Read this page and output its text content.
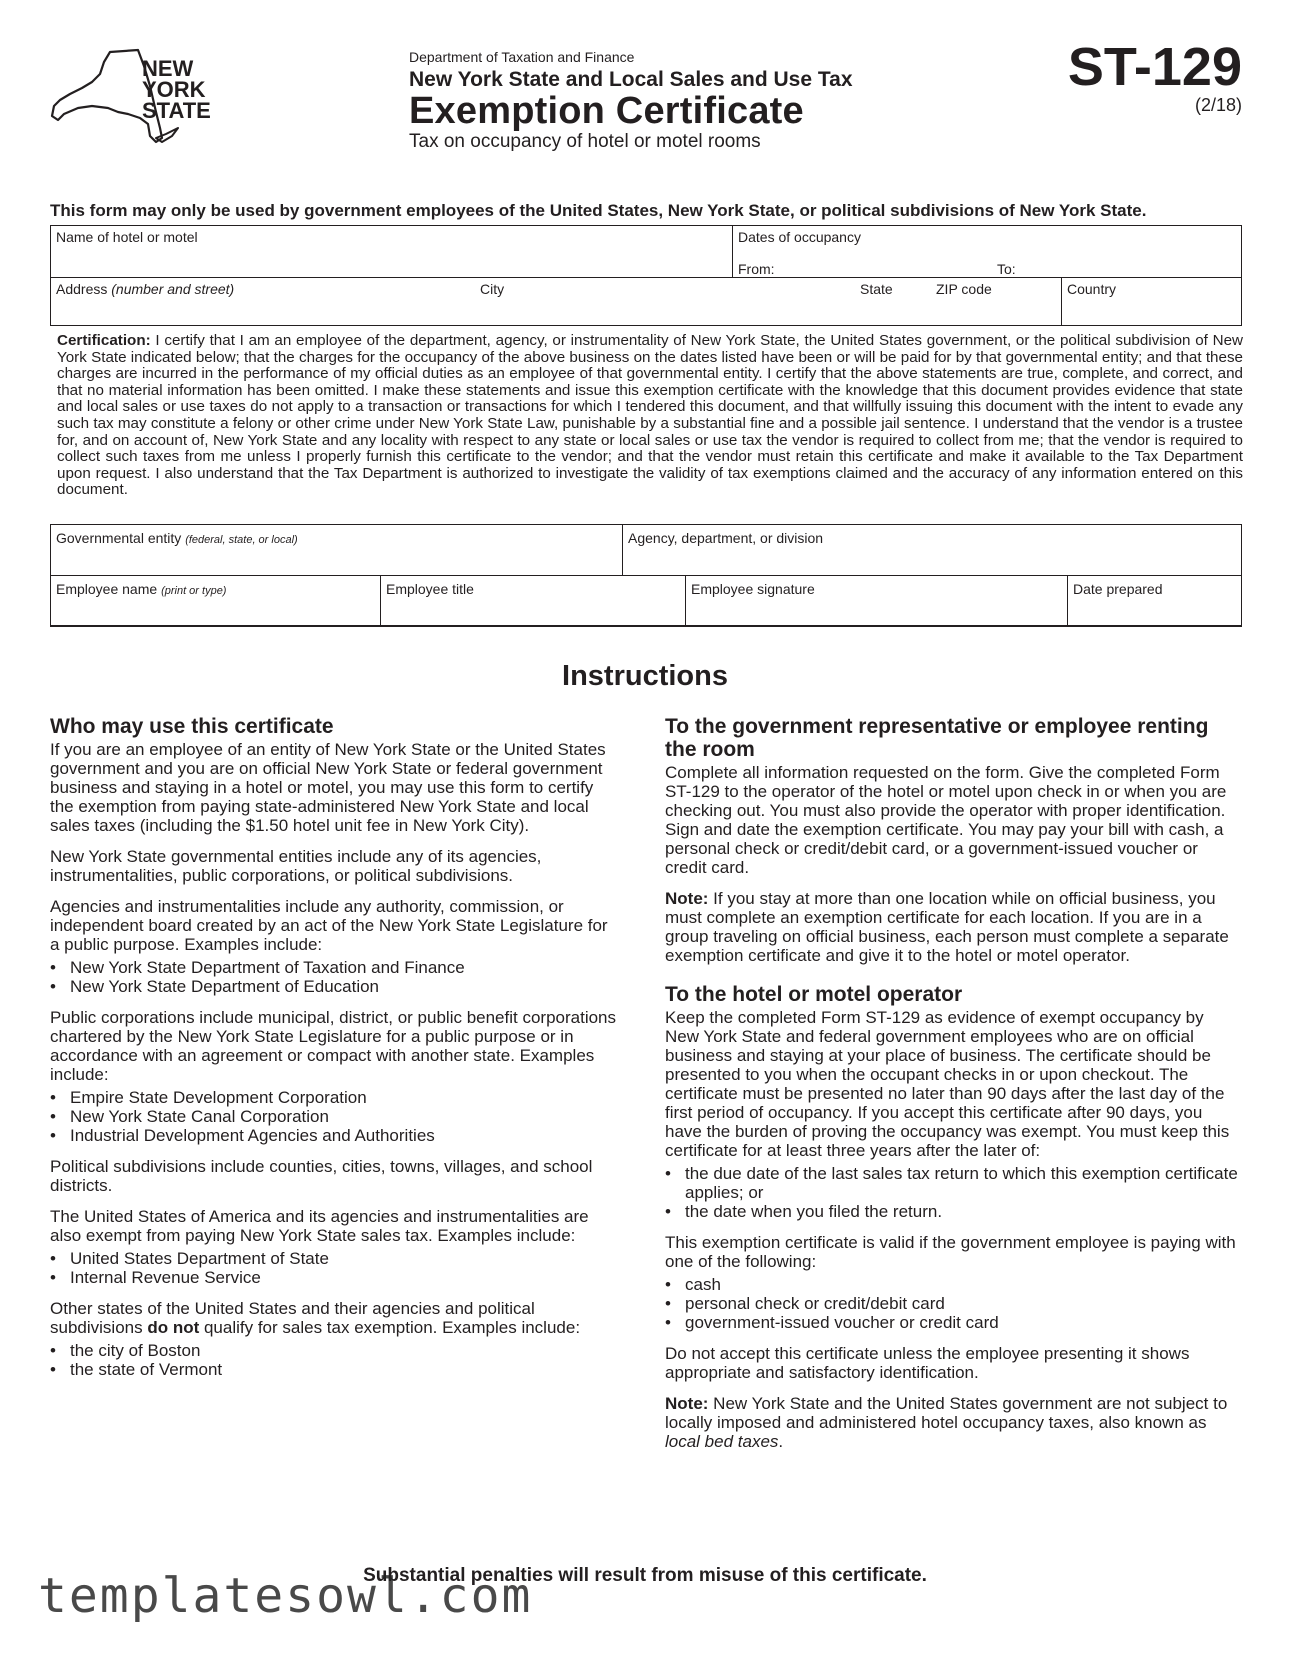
NEW
YORK
STATE
Department of Taxation and Finance
New York State and Local Sales and Use Tax
Exemption Certificate
Tax on occupancy of hotel or motel rooms
ST-129
(2/18)
This form may only be used by government employees of the United States, New York State, or political subdivisions of New York State.
Name of hotel or motel	Dates of occupancy
From:	To:
Address (number and street)	City	State	ZIP code	Country
Certification: I certify that I am an employee of the department, agency, or instrumentality of New York State, the United States government, or the political subdivision of New York State indicated below; that the charges for the occupancy of the above business on the dates listed have been or will be paid for by that governmental entity; and that these charges are incurred in the performance of my official duties as an employee of that governmental entity. I certify that the above statements are true, complete, and correct, and that no material information has been omitted. I make these statements and issue this exemption certificate with the knowledge that this document provides evidence that state and local sales or use taxes do not apply to a transaction or transactions for which I tendered this document, and that willfully issuing this document with the intent to evade any such tax may constitute a felony or other crime under New York State Law, punishable by a substantial fine and a possible jail sentence. I understand that the vendor is a trustee for, and on account of, New York State and any locality with respect to any state or local sales or use tax the vendor is required to collect from me; that the vendor is required to collect such taxes from me unless I properly furnish this certificate to the vendor; and that the vendor must retain this certificate and make it available to the Tax Department upon request. I also understand that the Tax Department is authorized to investigate the validity of tax exemptions claimed and the accuracy of any information entered on this document.
Governmental entity (federal, state, or local)	Agency, department, or division
Employee name (print or type)	Employee title	Employee signature	Date prepared
Instructions
Who may use this certificate

If you are an employee of an entity of New York State or the United States government and you are on official New York State or federal government business and staying in a hotel or motel, you may use this form to certify the exemption from paying state-administered New York State and local sales taxes (including the $1.50 hotel unit fee in New York City).

New York State governmental entities include any of its agencies, instrumentalities, public corporations, or political subdivisions.

Agencies and instrumentalities include any authority, commission, or independent board created by an act of the New York State Legislature for a public purpose. Examples include:

• New York State Department of Taxation and Finance
• New York State Department of Education

Public corporations include municipal, district, or public benefit corporations chartered by the New York State Legislature for a public purpose or in accordance with an agreement or compact with another state. Examples include:

• Empire State Development Corporation
• New York State Canal Corporation
• Industrial Development Agencies and Authorities

Political subdivisions include counties, cities, towns, villages, and school districts.

The United States of America and its agencies and instrumentalities are also exempt from paying New York State sales tax. Examples include:

• United States Department of State
• Internal Revenue Service

Other states of the United States and their agencies and political subdivisions do not qualify for sales tax exemption. Examples include:

• the city of Boston
• the state of Vermont
To the government representative or employee renting the room

Complete all information requested on the form. Give the completed Form ST-129 to the operator of the hotel or motel upon check in or when you are checking out. You must also provide the operator with proper identification. Sign and date the exemption certificate. You may pay your bill with cash, a personal check or credit/debit card, or a government-issued voucher or credit card.

Note: If you stay at more than one location while on official business, you must complete an exemption certificate for each location. If you are in a group traveling on official business, each person must complete a separate exemption certificate and give it to the hotel or motel operator.

To the hotel or motel operator

Keep the completed Form ST-129 as evidence of exempt occupancy by New York State and federal government employees who are on official business and staying at your place of business. The certificate should be presented to you when the occupant checks in or upon checkout. The certificate must be presented no later than 90 days after the last day of the first period of occupancy. If you accept this certificate after 90 days, you have the burden of proving the occupancy was exempt. You must keep this certificate for at least three years after the later of:

• the due date of the last sales tax return to which this exemption certificate applies; or
• the date when you filed the return.

This exemption certificate is valid if the government employee is paying with one of the following:

• cash
• personal check or credit/debit card
• government-issued voucher or credit card

Do not accept this certificate unless the employee presenting it shows appropriate and satisfactory identification.

Note: New York State and the United States government are not subject to locally imposed and administered hotel occupancy taxes, also known as local bed taxes.

Substantial penalties will result from misuse of this certificate.
templatesowl.com
